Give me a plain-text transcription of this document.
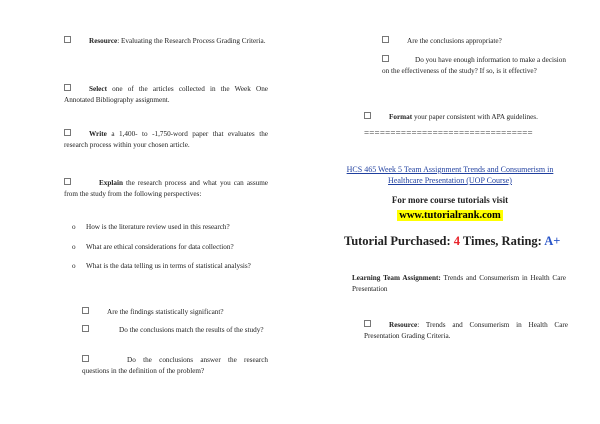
Resource: Evaluating the Research Process Grading Criteria.
Select one of the articles collected in the Week One Annotated Bibliography assignment.
Write a 1,400- to -1,750-word paper that evaluates the research process within your chosen article.
Explain the research process and what you can assume from the study from the following perspectives:
o How is the literature review used in this research?
o What are ethical considerations for data collection?
o What is the data telling us in terms of statistical analysis?
Are the findings statistically significant?
Do the conclusions match the results of the study?
Do the conclusions answer the research questions in the definition of the problem?
Are the conclusions appropriate?
Do you have enough information to make a decision on the effectiveness of the study? If so, is it effective?
Format your paper consistent with APA guidelines.
================================
HCS 465 Week 5 Team Assignment Trends and Consumerism in Healthcare Presentation (UOP Course)
For more course tutorials visit
www.tutorialrank.com
Tutorial Purchased: 4 Times, Rating: A+
Learning Team Assignment: Trends and Consumerism in Health Care Presentation
Resource: Trends and Consumerism in Health Care Presentation Grading Criteria.
